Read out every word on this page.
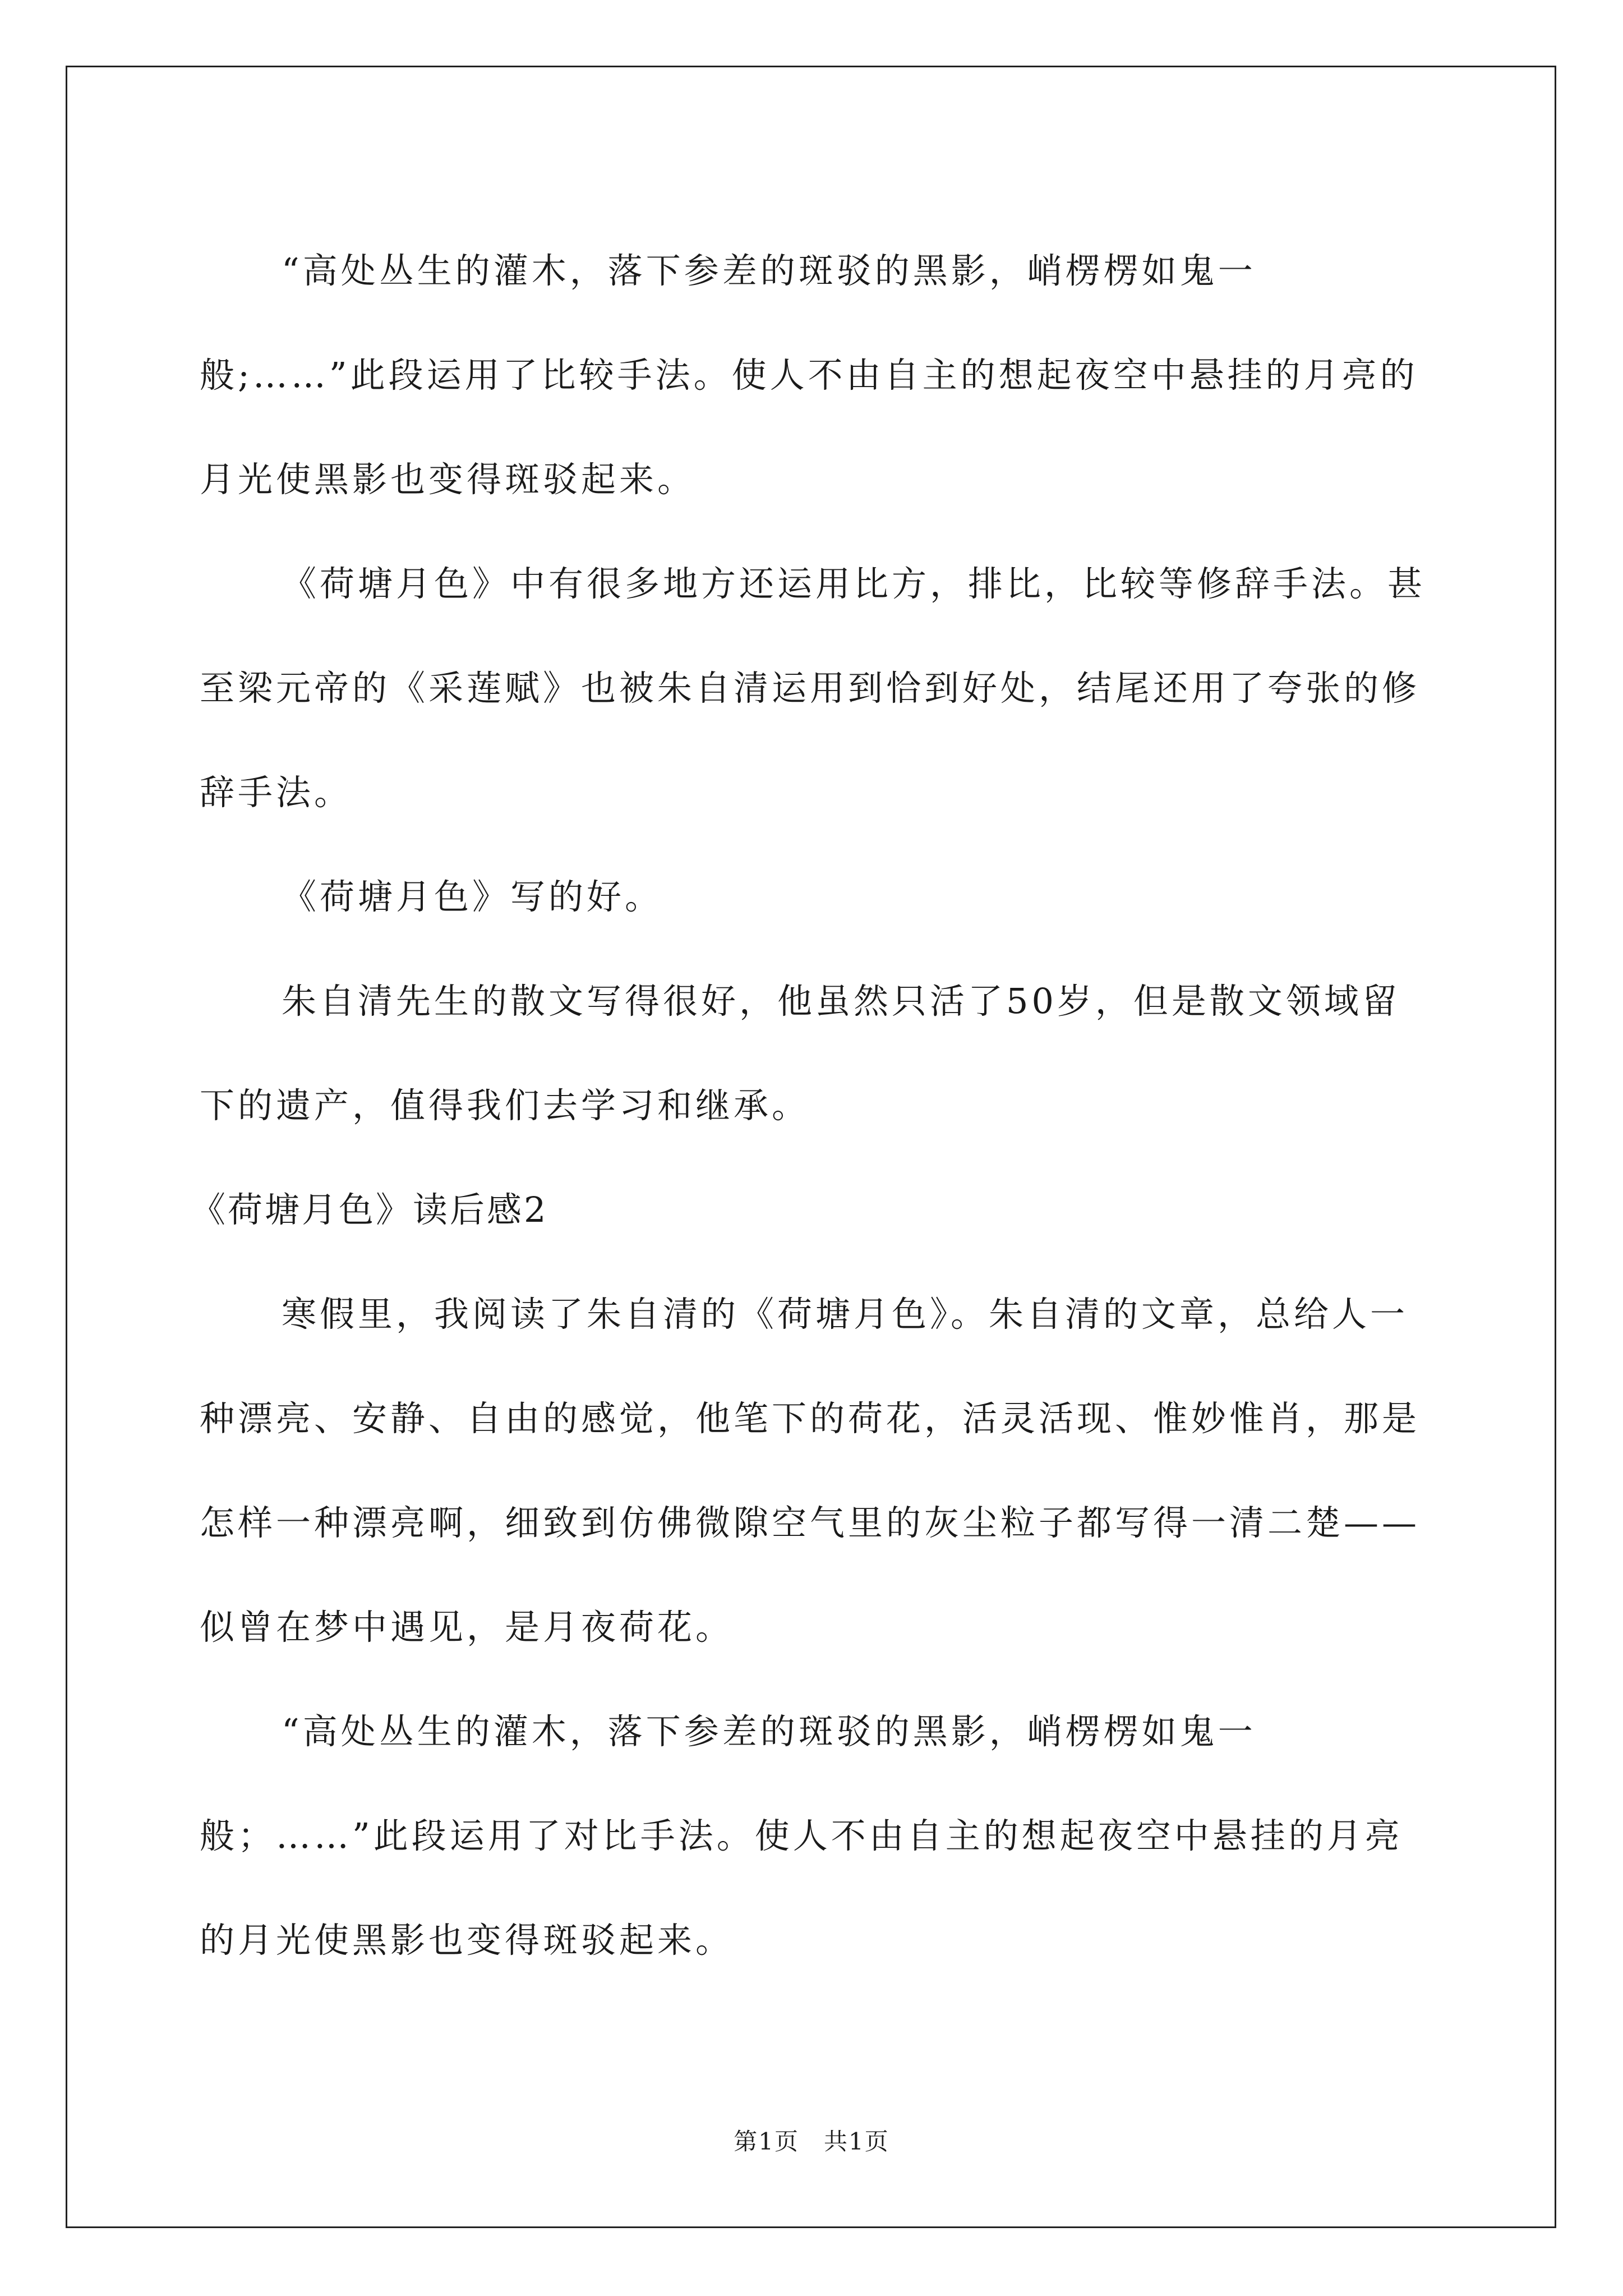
“高处丛生的灌木，落下参差的斑驳的黑影，峭楞楞如鬼一般;……”此段运用了比较手法。使人不由自主的想起夜空中悬挂的月亮的月光使黑影也变得斑驳起来。

《荷塘月色》中有很多地方还运用比方，排比，比较等修辞手法。甚至梁元帝的《采莲赋》也被朱自清运用到恰到好处，结尾还用了夸张的修辞手法。

《荷塘月色》写的好。

朱自清先生的散文写得很好，他虽然只活了50岁，但是散文领域留下的遗产，值得我们去学习和继承。

《荷塘月色》读后感2

寒假里，我阅读了朱自清的《荷塘月色》。朱自清的文章，总给人一种漂亮、安静、自由的感觉，他笔下的荷花，活灵活现、惟妙惟肖，那是怎样一种漂亮啊，细致到仿佛微隙空气里的灰尘粒子都写得一清二楚——似曾在梦中遇见，是月夜荷花。

“高处丛生的灌木，落下参差的斑驳的黑影，峭楞楞如鬼一般；……”此段运用了对比手法。使人不由自主的想起夜空中悬挂的月亮的月光使黑影也变得斑驳起来。

第1页　共1页
